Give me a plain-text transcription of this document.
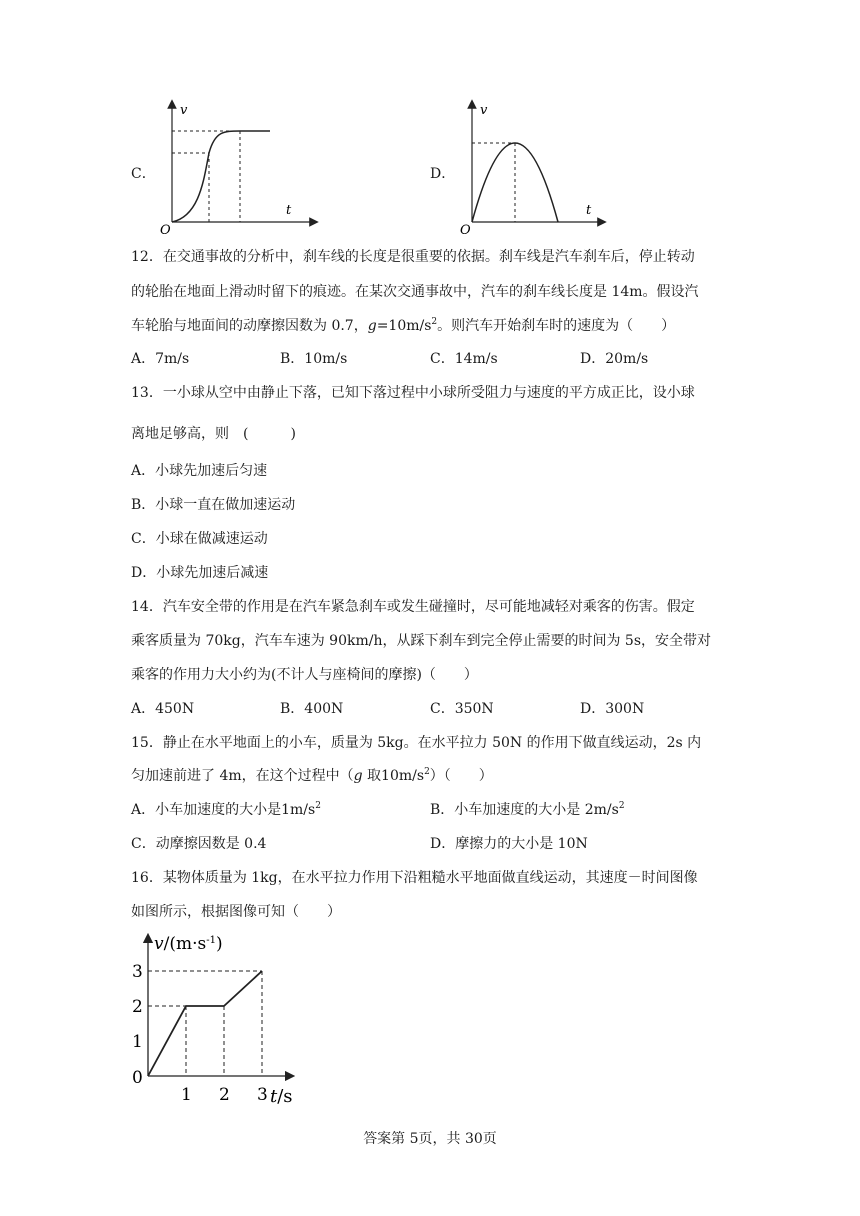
C．
v
t
O
D．
v
t
O
12．在交通事故的分析中，刹车线的长度是很重要的依据。刹车线是汽车刹车后，停止转动
的轮胎在地面上滑动时留下的痕迹。在某次交通事故中，汽车的刹车线长度是 14m。假设汽
车轮胎与地面间的动摩擦因数为 0.7，$g=10m/s^2$。则汽车开始刹车时的速度为（　　）
A．7m/s	B．10m/s	C．14m/s	D．20m/s
13．一小球从空中由静止下落，已知下落过程中小球所受阻力与速度的平方成正比，设小球
离地足够高，则　(　　　)
A．小球先加速后匀速
B．小球一直在做加速运动
C．小球在做减速运动
D．小球先加速后减速
14．汽车安全带的作用是在汽车紧急刹车或发生碰撞时，尽可能地减轻对乘客的伤害。假定
乘客质量为 70kg，汽车车速为 90km/h，从踩下刹车到完全停止需要的时间为 5s，安全带对
乘客的作用力大小约为(不计人与座椅间的摩擦)（　　）
A．450N	B．400N	C．350N	D．300N
15．静止在水平地面上的小车，质量为 5kg。在水平拉力 50N 的作用下做直线运动，2s 内
匀加速前进了 4m，在这个过程中（g 取$10m/s^2$）（　　）
A．小车加速度的大小是$1m/s^2$	B．小车加速度的大小是 $2m/s^2$
C．动摩擦因数是 0.4	D．摩擦力的大小是 10N
16．某物体质量为 1kg，在水平拉力作用下沿粗糙水平地面做直线运动，其速度－时间图像
如图所示，根据图像可知（　　）
1
2
3
1 2 3
$v/(m\cdot s^{-1})$
t/s
0
答案第 5页，共 30页
